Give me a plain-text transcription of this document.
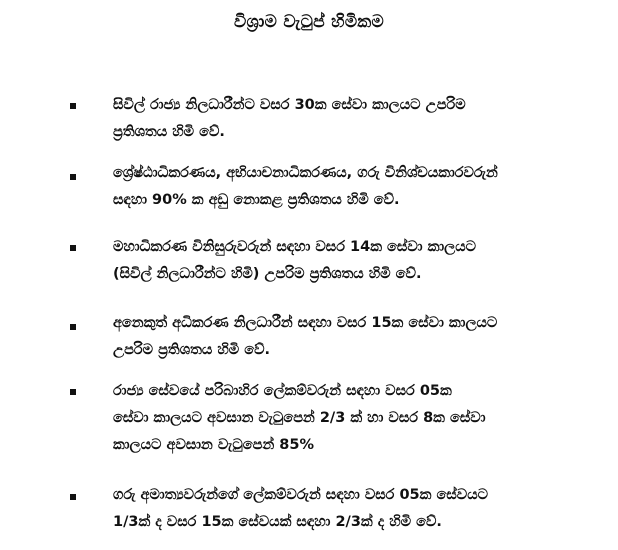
විශ්‍රාම වැටුප් හිමිකම
සිවිල් රාජ්‍ය නිලධාරීන්ට වසර 30ක සේවා කාලයට උපරිම
ප්‍රතිශතය හිමි වේ.
ශ්‍රේෂ්ඨාධිකරණය, අභියාචනාධිකරණය, ගරු විනිශ්චයකාරවරුන්
සඳහා 90% ක අඩු නොකළ ප්‍රතිශතය හිමි වේ.
මහාධිකරණ විනිසුරුවරුන් සඳහා වසර 14ක සේවා කාලයට
(සිවිල් නිලධාරීන්ට හිමි) උපරිම ප්‍රතිශතය හිමි වේ.
අනෙකුත් අධිකරණ නිලධාරීන් සඳහා වසර 15ක සේවා කාලයට
උපරිම ප්‍රතිශතය හිමි වේ.
රාජ්‍ය සේවයේ පරිබාහිර ලේකම්වරුන් සඳහා වසර 05ක
සේවා කාලයට අවසාන වැටුපෙන් 2/3 ක් හා වසර 8ක සේවා
කාලයට අවසාන වැටුපෙන් 85%
ගරු අමාත්‍යවරුන්ගේ ලේකම්වරුන් සඳහා වසර 05ක සේවයට
1/3ක් ද වසර 15ක සේවයක් සඳහා 2/3ක් ද හිමි වේ.
